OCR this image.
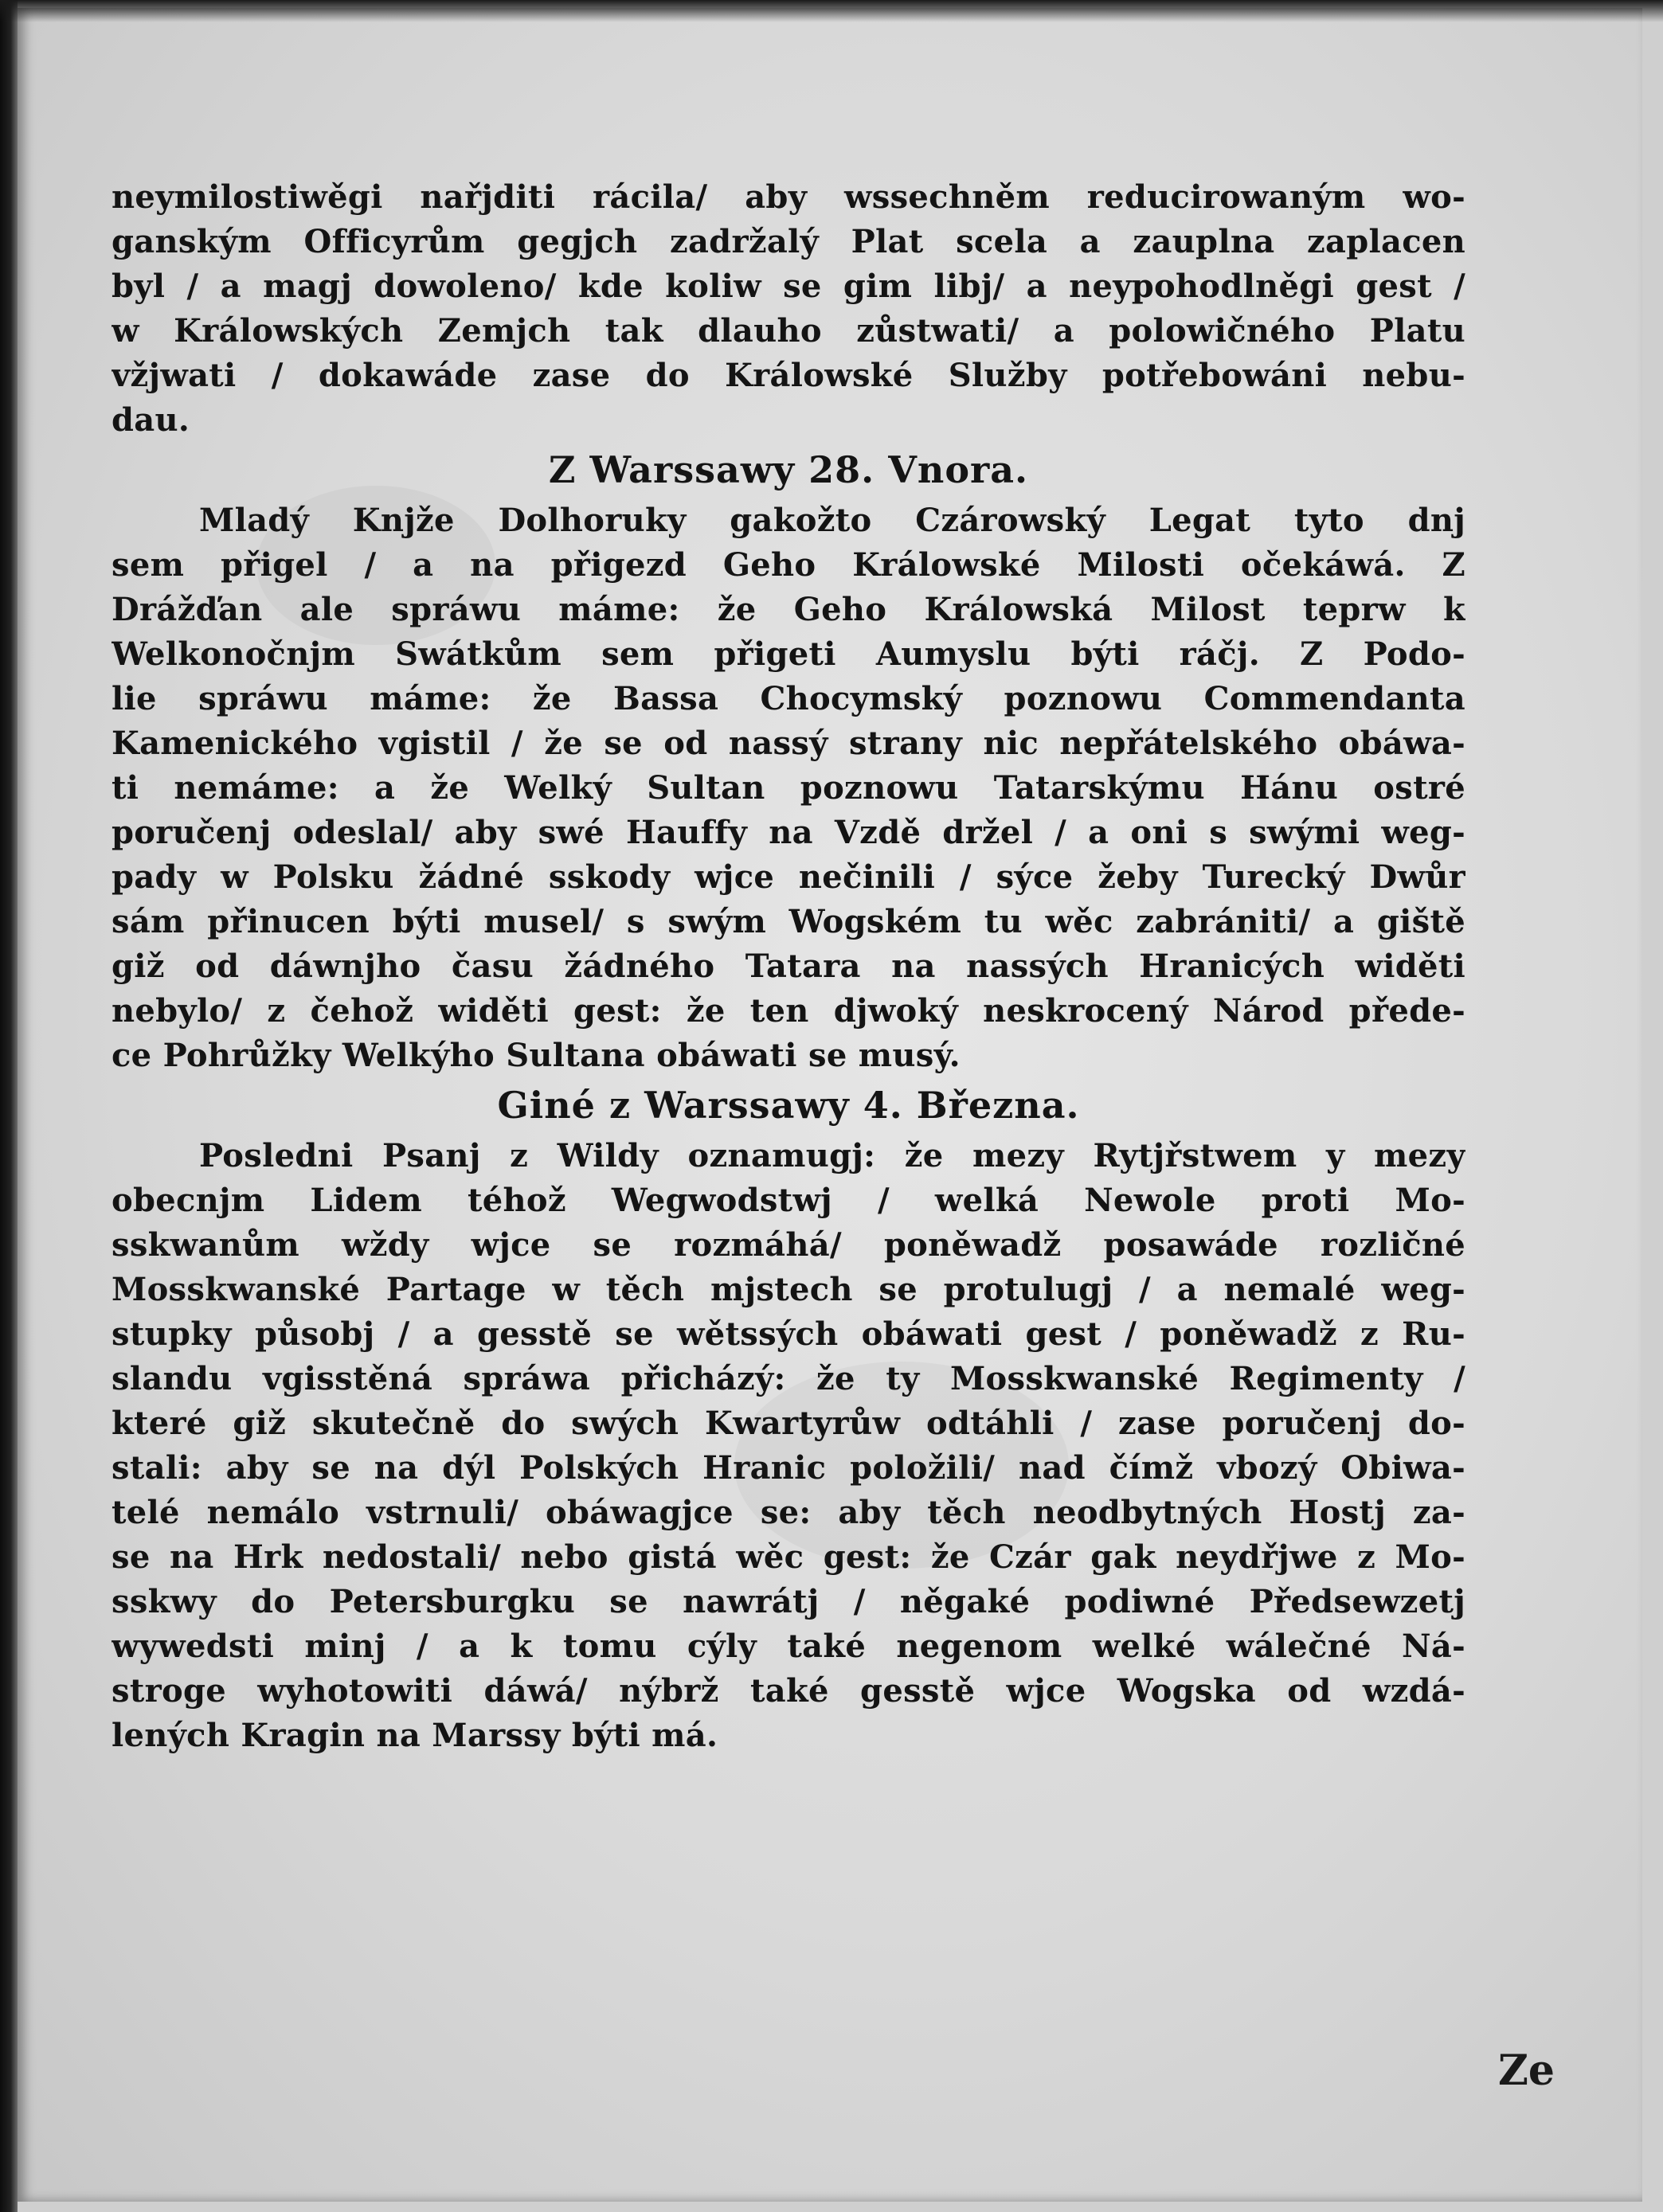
neymilostiwěgi nařjditi rácila/ aby wssechněm reducirowaným wo-
ganským Officyrům gegjch zadržalý Plat scela a zauplna zaplacen
byl / a magj dowoleno/ kde koliw se gim libj/ a neypohodlněgi gest /
w Králowských Zemjch tak dlauho zůstwati/ a polowičného Platu
vžjwati / dokawáde zase do Králowské Služby potřebowáni nebu-
dau.
Z Warssawy 28. Vnora.
Mladý Knjže Dolhoruky gakožto Czárowský Legat tyto dnj
sem přigel / a na přigezd Geho Králowské Milosti očekáwá. Z
Drážďan ale spráwu máme: že Geho Králowská Milost teprw k
Welkonočnjm Swátkům sem přigeti Aumyslu býti ráčj. Z Podo-
lie spráwu máme: že Bassa Chocymský poznowu Commendanta
Kamenického vgistil / že se od nassý strany nic nepřátelského obáwa-
ti nemáme: a že Welký Sultan poznowu Tatarskýmu Hánu ostré
poručenj odeslal/ aby swé Hauffy na Vzdě držel / a oni s swými weg-
pady w Polsku žádné sskody wjce nečinili / sýce žeby Turecký Dwůr
sám přinucen býti musel/ s swým Wogském tu wěc zabrániti/ a giště
giž od dáwnjho času žádného Tatara na nassých Hranicých widěti
nebylo/ z čehož widěti gest: že ten djwoký neskrocený Národ přede-
ce Pohrůžky Welkýho Sultana obáwati se musý.
Giné z Warssawy 4. Března.
Posledni Psanj z Wildy oznamugj: že mezy Rytjřstwem y mezy
obecnjm Lidem téhož Wegwodstwj / welká Newole proti Mo-
sskwanům wždy wjce se rozmáhá/ poněwadž posawáde rozličné
Mosskwanské Partage w těch mjstech se protulugj / a nemalé weg-
stupky působj / a gesstě se wětssých obáwati gest / poněwadž z Ru-
slandu vgisstěná spráwa přicházý: že ty Mosskwanské Regimenty /
které giž skutečně do swých Kwartyrůw odtáhli / zase poručenj do-
stali: aby se na dýl Polských Hranic položili/ nad čímž vbozý Obiwa-
telé nemálo vstrnuli/ obáwagjce se: aby těch neodbytných Hostj za-
se na Hrk nedostali/ nebo gistá wěc gest: že Czár gak neydřjwe z Mo-
sskwy do Petersburgku se nawrátj / něgaké podiwné Předsewzetj
wywedsti minj / a k tomu cýly také negenom welké wálečné Ná-
stroge wyhotowiti dáwá/ nýbrž také gesstě wjce Wogska od wzdá-
lených Kragin na Marssy býti má.
Ze
